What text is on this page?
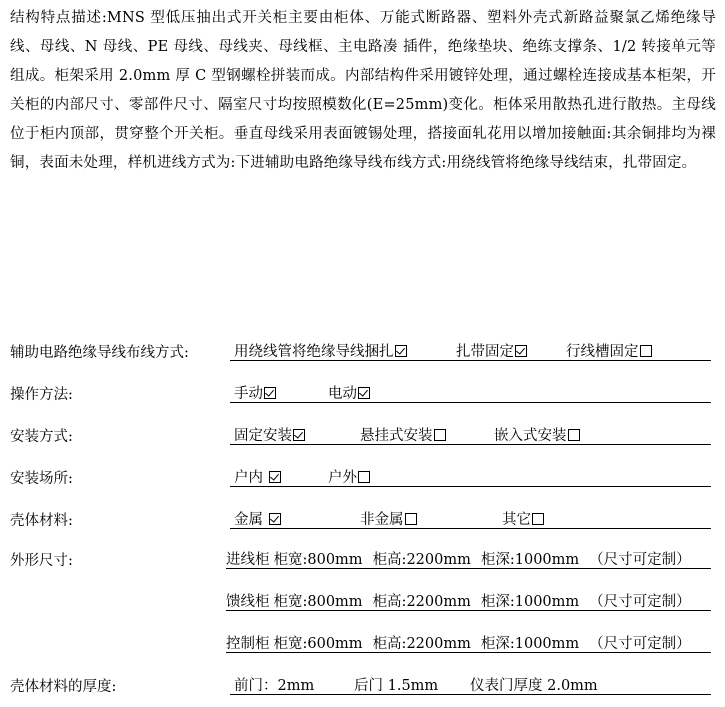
结构特点描述:MNS 型低压抽出式开关柜主要由柜体、万能式断路器、塑料外壳式新路益聚氯乙烯绝缘导线、母线、N 母线、PE 母线、母线夹、母线框、主电路凑 插件，绝缘垫块、绝练支撑条、1/2 转接单元等组成。柜架采用 2.0mm 厚 C 型钢螺栓拼装而成。内部结构件采用镀锌处理，通过螺栓连接成基本柜架，开关柜的内部尺寸、零部件尺寸、隔室尺寸均按照模数化(E=25mm)变化。柜体采用散热孔进行散热。主母线位于柜内顶部，贯穿整个开关柜。垂直母线采用表面镀锡处理，搭接面轧花用以增加接触面:其余铜排均为裸铜，表面未处理，样机进线方式为:下进辅助电路绝缘导线布线方式:用绕线管将绝缘导线结束，扎带固定。

辅助电路绝缘导线布线方式:	用绕线管将绝缘导线捆扎	扎带固定	行线槽固定
操作方法:	手动	电动
安装方式:	固定安装	悬挂式安装	嵌入式安装
安装场所:	户内	户外
壳体材料:	金属	非金属	其它
外形尺寸:	进线柜 柜宽:800mm 柜高:2200mm 柜深:1000mm （尺寸可定制）
馈线柜 柜宽:800mm 柜高:2200mm 柜深:1000mm （尺寸可定制）
控制柜 柜宽:600mm 柜高:2200mm 柜深:1000mm （尺寸可定制）
壳体材料的厚度:	前门：2mm	后门 1.5mm 仪表门厚度 2.0mm
